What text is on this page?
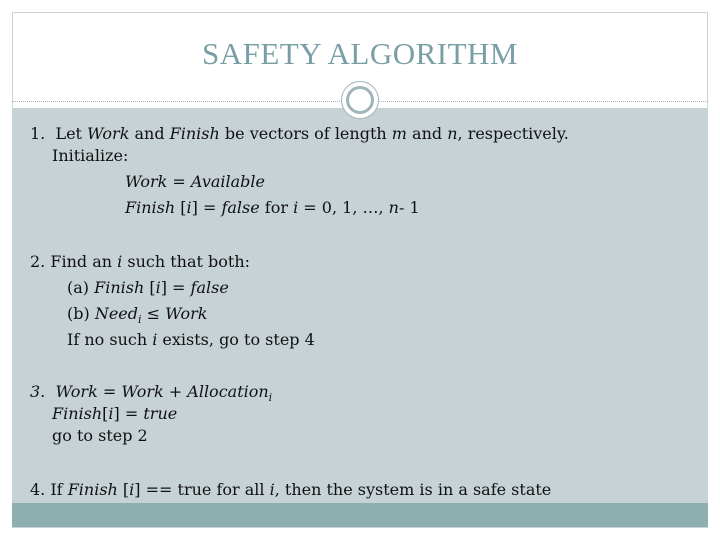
SAFETY ALGORITHM
1. Let Work and Finish be vectors of length m and n, respectively.
Initialize:
Work = Available
Finish [i] = false for i = 0, 1, …, n- 1
2. Find an i such that both:
(a) Finish [i] = false
(b) Need$_i$ ≤ Work
If no such i exists, go to step 4
3. Work = Work + Allocation$_i$
Finish[i] = true
go to step 2
4. If Finish [i] == true for all i, then the system is in a safe state
